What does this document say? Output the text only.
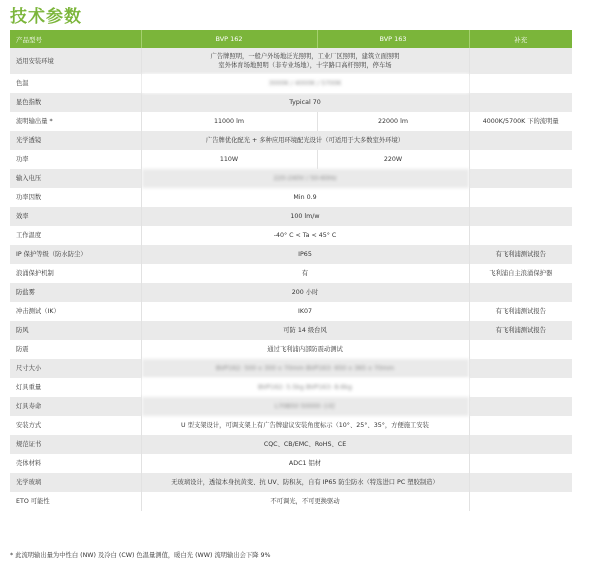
技术参数
产品型号	BVP 162	BVP 163	补充
适用安装环境	广告牌照明，一般户外场地泛光照明，工业厂区照明，建筑立面照明
室外体育场地照明（非专业场地），十字路口高杆照明，停车场		
色温	3000K / 4000K / 5700K		
显色指数	Typical 70		
流明输出量 *	11000 lm	22000 lm	4000K/5700K 下的流明量
光学透镜	广告牌优化配光 + 多种应用环境配光设计（可适用于大多数室外环境）		
功率	110W	220W	
输入电压	220-240V / 50-60Hz		
功率因数	Min 0.9		
效率	100 lm/w		
工作温度	-40° C < Ta < 45° C		
IP 保护等级（防水防尘）	IP65		有飞利浦测试报告
浪涌保护机制	有		飞利浦自主浪涌保护器
防盐雾	200 小时		
冲击测试（IK）	IK07		有飞利浦测试报告
防风	可防 14 级台风		有飞利浦测试报告
防震	通过飞利浦内部防震动测试		
尺寸大小	BVP162: 500 x 300 x 70mm BVP163: 650 x 365 x 70mm		
灯具重量	BVP162: 5.5kg BVP163: 8.6kg		
灯具寿命	L70B50 50000 小时		
安装方式	U 型支架设计，可调支架上有广告牌建议安装角度标示（10°、25°、35°，方便施工安装		
规范证书	CQC、CB/EMC、RoHS、CE		
壳体材料	ADC1 铝材		
光学玻璃	无玻璃设计，透镜本身抗黄变、抗 UV、防积灰，自有 IP65 防尘防水（特选进口 PC 塑胶制造）		
ETO 可能性	不可调光，不可更换驱动		
* 此流明输出量为中性白 (NW) 及冷白 (CW) 色温量测值，暖白光 (WW) 流明输出会下降 9%
